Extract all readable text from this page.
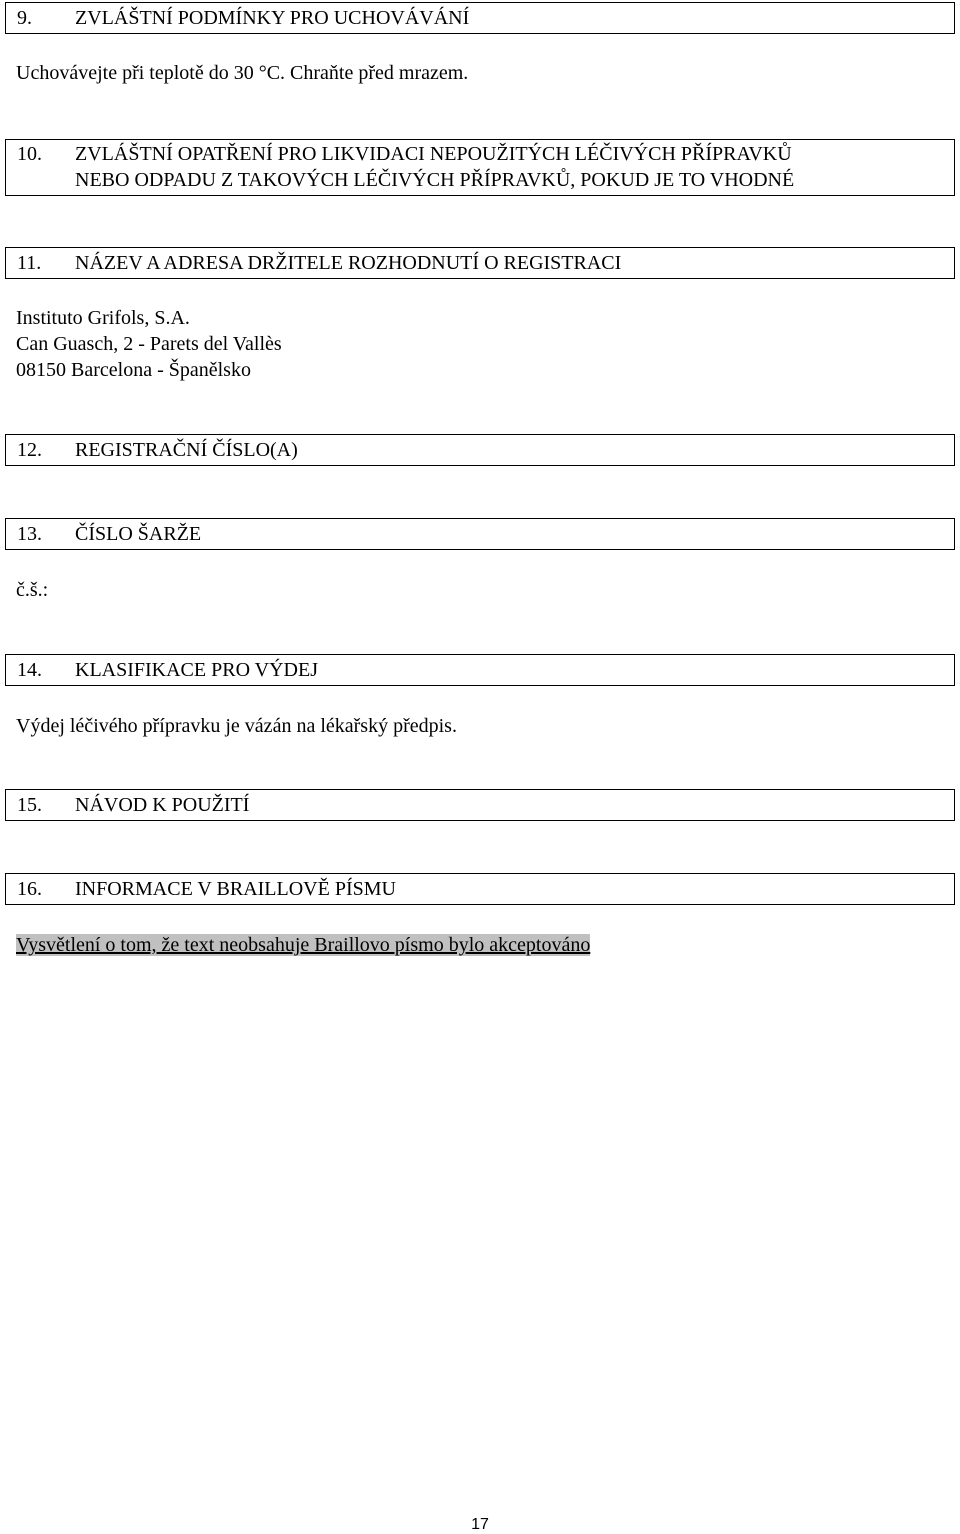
9. ZVLÁŠTNÍ PODMÍNKY PRO UCHOVÁVÁNÍ
Uchovávejte při teplotě do 30 °C. Chraňte před mrazem.
10. ZVLÁŠTNÍ OPATŘENÍ PRO LIKVIDACI NEPOUŽITÝCH LÉČIVÝCH PŘÍPRAVKŮ
NEBO ODPADU Z TAKOVÝCH LÉČIVÝCH PŘÍPRAVKŮ, POKUD JE TO VHODNÉ
11. NÁZEV A ADRESA DRŽITELE ROZHODNUTÍ O REGISTRACI
Instituto Grifols, S.A.
Can Guasch, 2 - Parets del Vallès
08150 Barcelona - Španělsko
12. REGISTRAČNÍ ČÍSLO(A)
13. ČÍSLO ŠARŽE
č.š.:
14. KLASIFIKACE PRO VÝDEJ
Výdej léčivého přípravku je vázán na lékařský předpis.
15. NÁVOD K POUŽITÍ
16. INFORMACE V BRAILLOVĚ PÍSMU
Vysvětlení o tom, že text neobsahuje Braillovo písmo bylo akceptováno
17
